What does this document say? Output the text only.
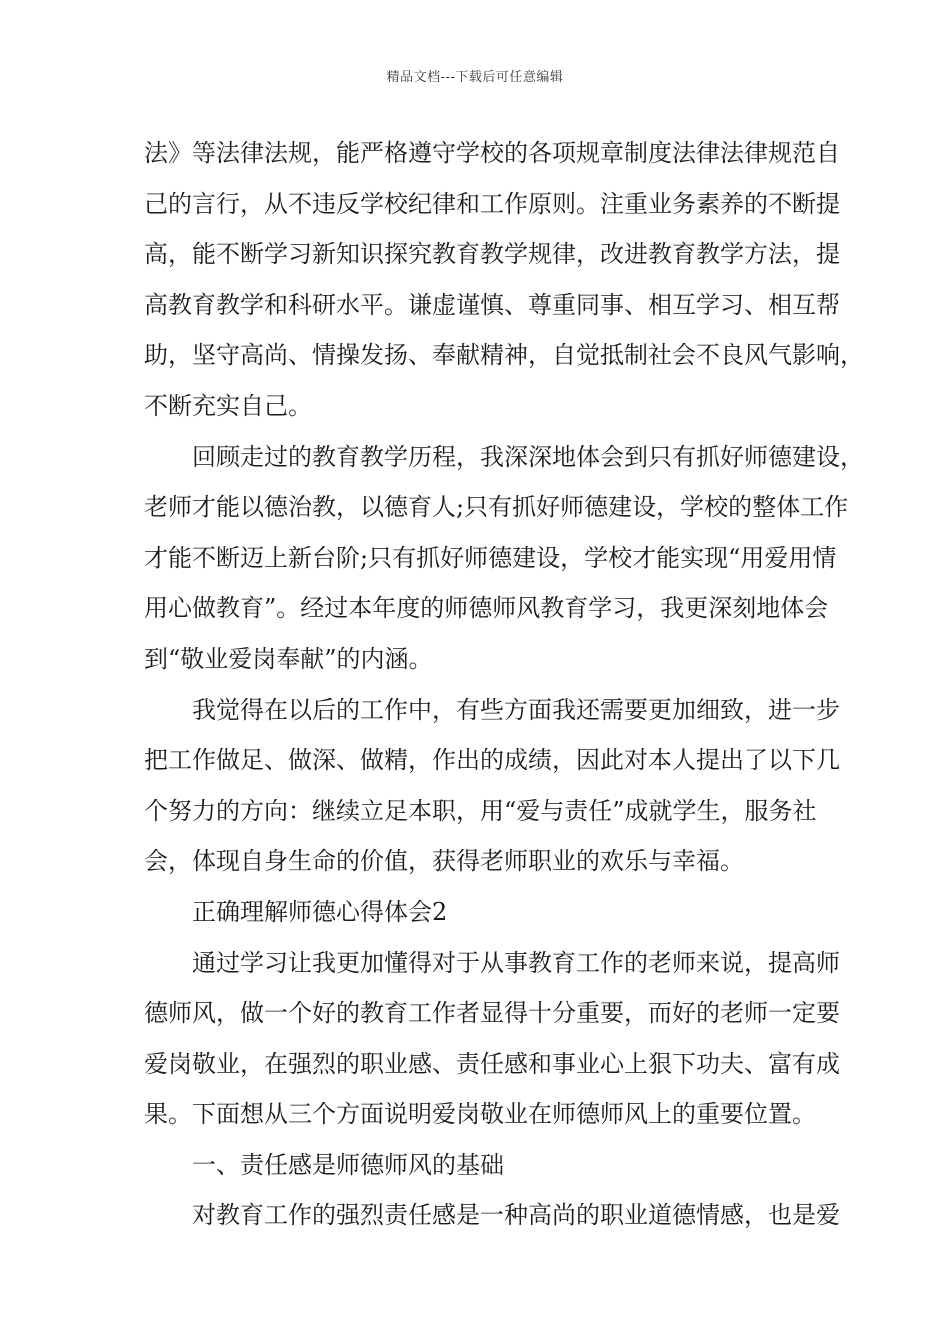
精品文档---下载后可任意编辑
法》等法律法规，能严格遵守学校的各项规章制度法律法律规范自
己的言行，从不违反学校纪律和工作原则。注重业务素养的不断提
高，能不断学习新知识探究教育教学规律，改进教育教学方法，提
高教育教学和科研水平。谦虚谨慎、尊重同事、相互学习、相互帮
助，坚守高尚、情操发扬、奉献精神，自觉抵制社会不良风气影响，
不断充实自己。
回顾走过的教育教学历程，我深深地体会到只有抓好师德建设，
老师才能以德治教，以德育人;只有抓好师德建设，学校的整体工作
才能不断迈上新台阶;只有抓好师德建设，学校才能实现“用爱用情
用心做教育”。经过本年度的师德师风教育学习，我更深刻地体会
到“敬业爱岗奉献”的内涵。
我觉得在以后的工作中，有些方面我还需要更加细致，进一步
把工作做足、做深、做精，作出的成绩，因此对本人提出了以下几
个努力的方向：继续立足本职，用“爱与责任”成就学生，服务社
会，体现自身生命的价值，获得老师职业的欢乐与幸福。
正确理解师德心得体会2
通过学习让我更加懂得对于从事教育工作的老师来说，提高师
德师风，做一个好的教育工作者显得十分重要，而好的老师一定要
爱岗敬业，在强烈的职业感、责任感和事业心上狠下功夫、富有成
果。下面想从三个方面说明爱岗敬业在师德师风上的重要位置。
一、责任感是师德师风的基础
对教育工作的强烈责任感是一种高尚的职业道德情感，也是爱
